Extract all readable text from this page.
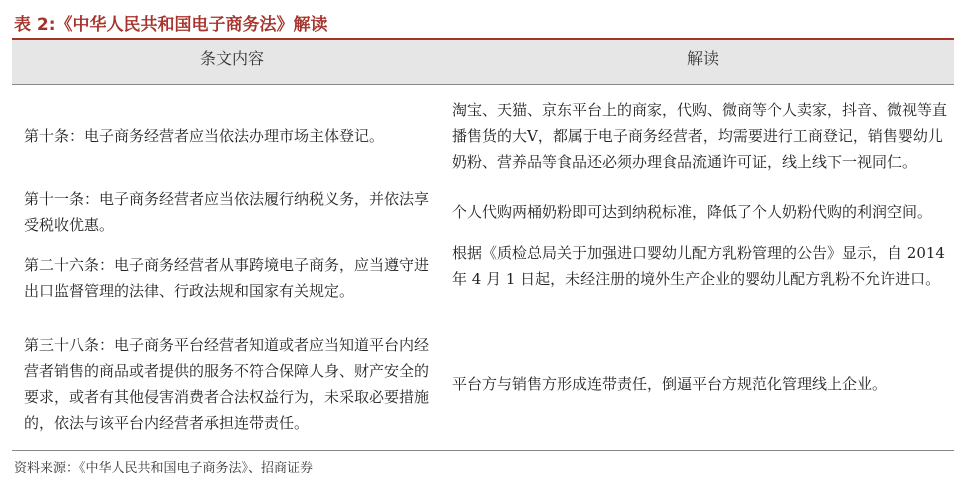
表 2:《中华人民共和国电子商务法》解读
条文内容	解读
第十条：电子商务经营者应当依法办理市场主体登记。
淘宝、天猫、京东平台上的商家，代购、微商等个人卖家，抖音、微视等直播售货的大V，都属于电子商务经营者，均需要进行工商登记，销售婴幼儿奶粉、营养品等食品还必须办理食品流通许可证，线上线下一视同仁。
第十一条：电子商务经营者应当依法履行纳税义务，并依法享受税收优惠。
个人代购两桶奶粉即可达到纳税标准，降低了个人奶粉代购的利润空间。
第二十六条：电子商务经营者从事跨境电子商务，应当遵守进出口监督管理的法律、行政法规和国家有关规定。
根据《质检总局关于加强进口婴幼儿配方乳粉管理的公告》显示，自 2014 年 4 月 1 日起，未经注册的境外生产企业的婴幼儿配方乳粉不允许进口。
第三十八条：电子商务平台经营者知道或者应当知道平台内经营者销售的商品或者提供的服务不符合保障人身、财产安全的要求，或者有其他侵害消费者合法权益行为，未采取必要措施的，依法与该平台内经营者承担连带责任。
平台方与销售方形成连带责任，倒逼平台方规范化管理线上企业。
资料来源：《中华人民共和国电子商务法》、招商证券
